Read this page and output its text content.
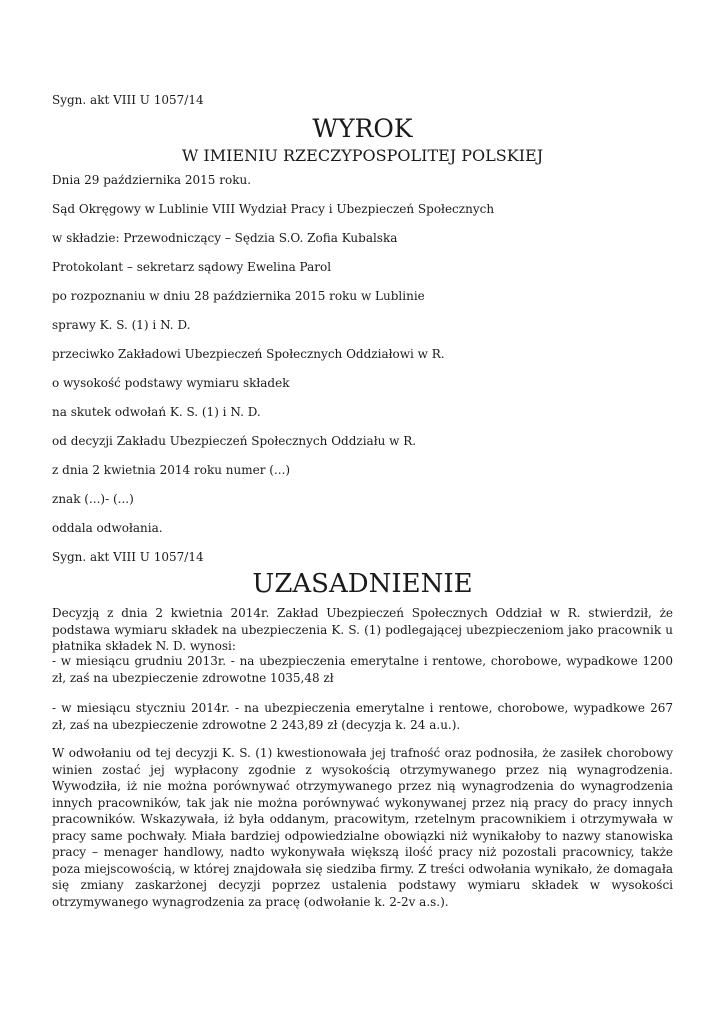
Sygn. akt VIII U 1057/14
WYROK
W IMIENIU RZECZYPOSPOLITEJ POLSKIEJ
Dnia 29 października 2015 roku.
Sąd Okręgowy w Lublinie VIII Wydział Pracy i Ubezpieczeń Społecznych
w składzie: Przewodniczący – Sędzia S.O. Zofia Kubalska
Protokolant – sekretarz sądowy Ewelina Parol
po rozpoznaniu w dniu 28 października 2015 roku w Lublinie
sprawy K. S. (1) i N. D.
przeciwko Zakładowi Ubezpieczeń Społecznych Oddziałowi w R.
o wysokość podstawy wymiaru składek
na skutek odwołań K. S. (1) i N. D.
od decyzji Zakładu Ubezpieczeń Społecznych Oddziału w R.
z dnia 2 kwietnia 2014 roku numer (...)
znak (...)- (...)
oddala odwołania.
Sygn. akt VIII U 1057/14
UZASADNIENIE
Decyzją z dnia 2 kwietnia 2014r. Zakład Ubezpieczeń Społecznych Oddział w R. stwierdził, że podstawa wymiaru składek na ubezpieczenia K. S. (1) podlegającej ubezpieczeniom jako pracownik u płatnika składek N. D. wynosi:
- w miesiącu grudniu 2013r. - na ubezpieczenia emerytalne i rentowe, chorobowe, wypadkowe 1200 zł, zaś na ubezpieczenie zdrowotne 1035,48 zł
- w miesiącu styczniu 2014r. - na ubezpieczenia emerytalne i rentowe, chorobowe, wypadkowe 267 zł, zaś na ubezpieczenie zdrowotne 2 243,89 zł (decyzja k. 24 a.u.).
W odwołaniu od tej decyzji K. S. (1) kwestionowała jej trafność oraz podnosiła, że zasiłek chorobowy winien zostać jej wypłacony zgodnie z wysokością otrzymywanego przez nią wynagrodzenia. Wywodziła, iż nie można porównywać otrzymywanego przez nią wynagrodzenia do wynagrodzenia innych pracowników, tak jak nie można porównywać wykonywanej przez nią pracy do pracy innych pracowników. Wskazywała, iż była oddanym, pracowitym, rzetelnym pracownikiem i otrzymywała w pracy same pochwały. Miała bardziej odpowiedzialne obowiązki niż wynikałoby to nazwy stanowiska pracy – menager handlowy, nadto wykonywała większą ilość pracy niż pozostali pracownicy, także poza miejscowością, w której znajdowała się siedziba firmy. Z treści odwołania wynikało, że domagała się zmiany zaskarżonej decyzji poprzez ustalenia podstawy wymiaru składek w wysokości otrzymywanego wynagrodzenia za pracę (odwołanie k. 2-2v a.s.).
